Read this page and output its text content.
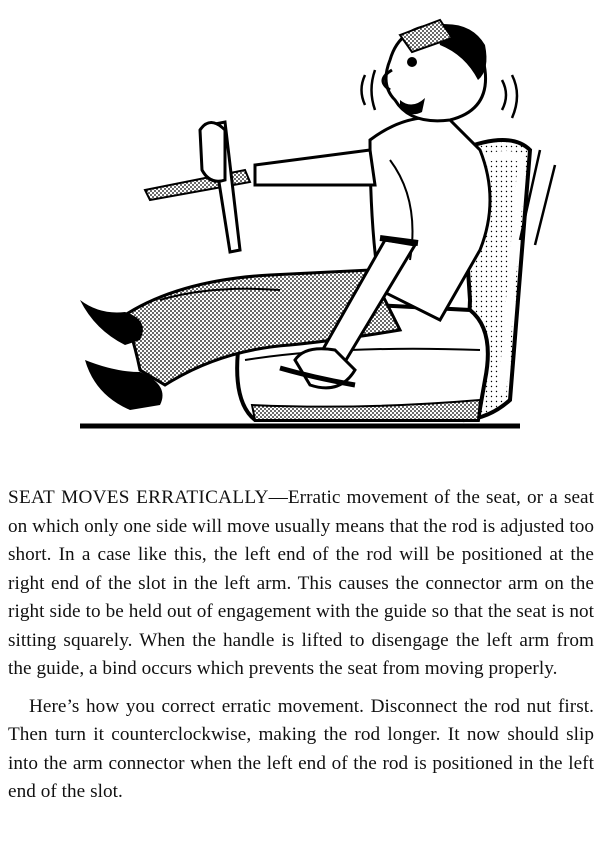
SEAT MOVES ERRATICALLY—Erratic movement of the seat, or a seat on which only one side will move usually means that the rod is adjusted too short. In a case like this, the left end of the rod will be positioned at the right end of the slot in the left arm. This causes the connector arm on the right side to be held out of engagement with the guide so that the seat is not sitting squarely. When the handle is lifted to disengage the left arm from the guide, a bind occurs which prevents the seat from moving properly.

Here’s how you correct erratic movement. Disconnect the rod nut first. Then turn it counterclockwise, making the rod longer. It now should slip into the arm connector when the left end of the rod is positioned in the left end of the slot.
